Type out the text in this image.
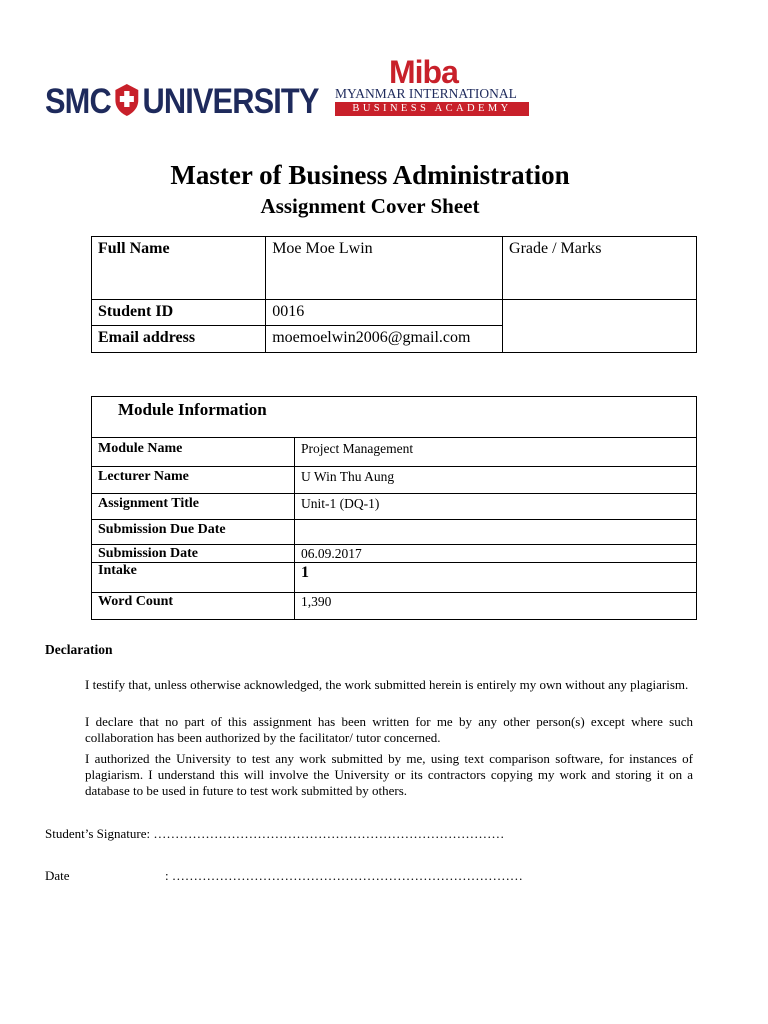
SMC UNIVERSITY
Miba
MYANMAR INTERNATIONAL
BUSINESS ACADEMY
Master of Business Administration
Assignment Cover Sheet
Full Name	Moe Moe Lwin	Grade / Marks
Student ID	0016	
Email address	moemoelwin2006@gmail.com	
Module Information	
Module Name	Project Management
Lecturer Name	U Win Thu Aung
Assignment Title	Unit-1 (DQ-1)
Submission Due Date	
Submission Date	06.09.2017
Intake	1
Word Count	1,390
Declaration
I testify that, unless otherwise acknowledged, the work submitted herein is entirely my own without any plagiarism.
I declare that no part of this assignment has been written for me by any other person(s) except where such collaboration has been authorized by the facilitator/ tutor concerned.
I authorized the University to test any work submitted by me, using text comparison software, for instances of plagiarism. I understand this will involve the University or its contractors copying my work and storing it on a database to be used in future to test work submitted by others.
Student’s Signature: ………………………………………………………………………
Date	: ………………………………………………………………………
